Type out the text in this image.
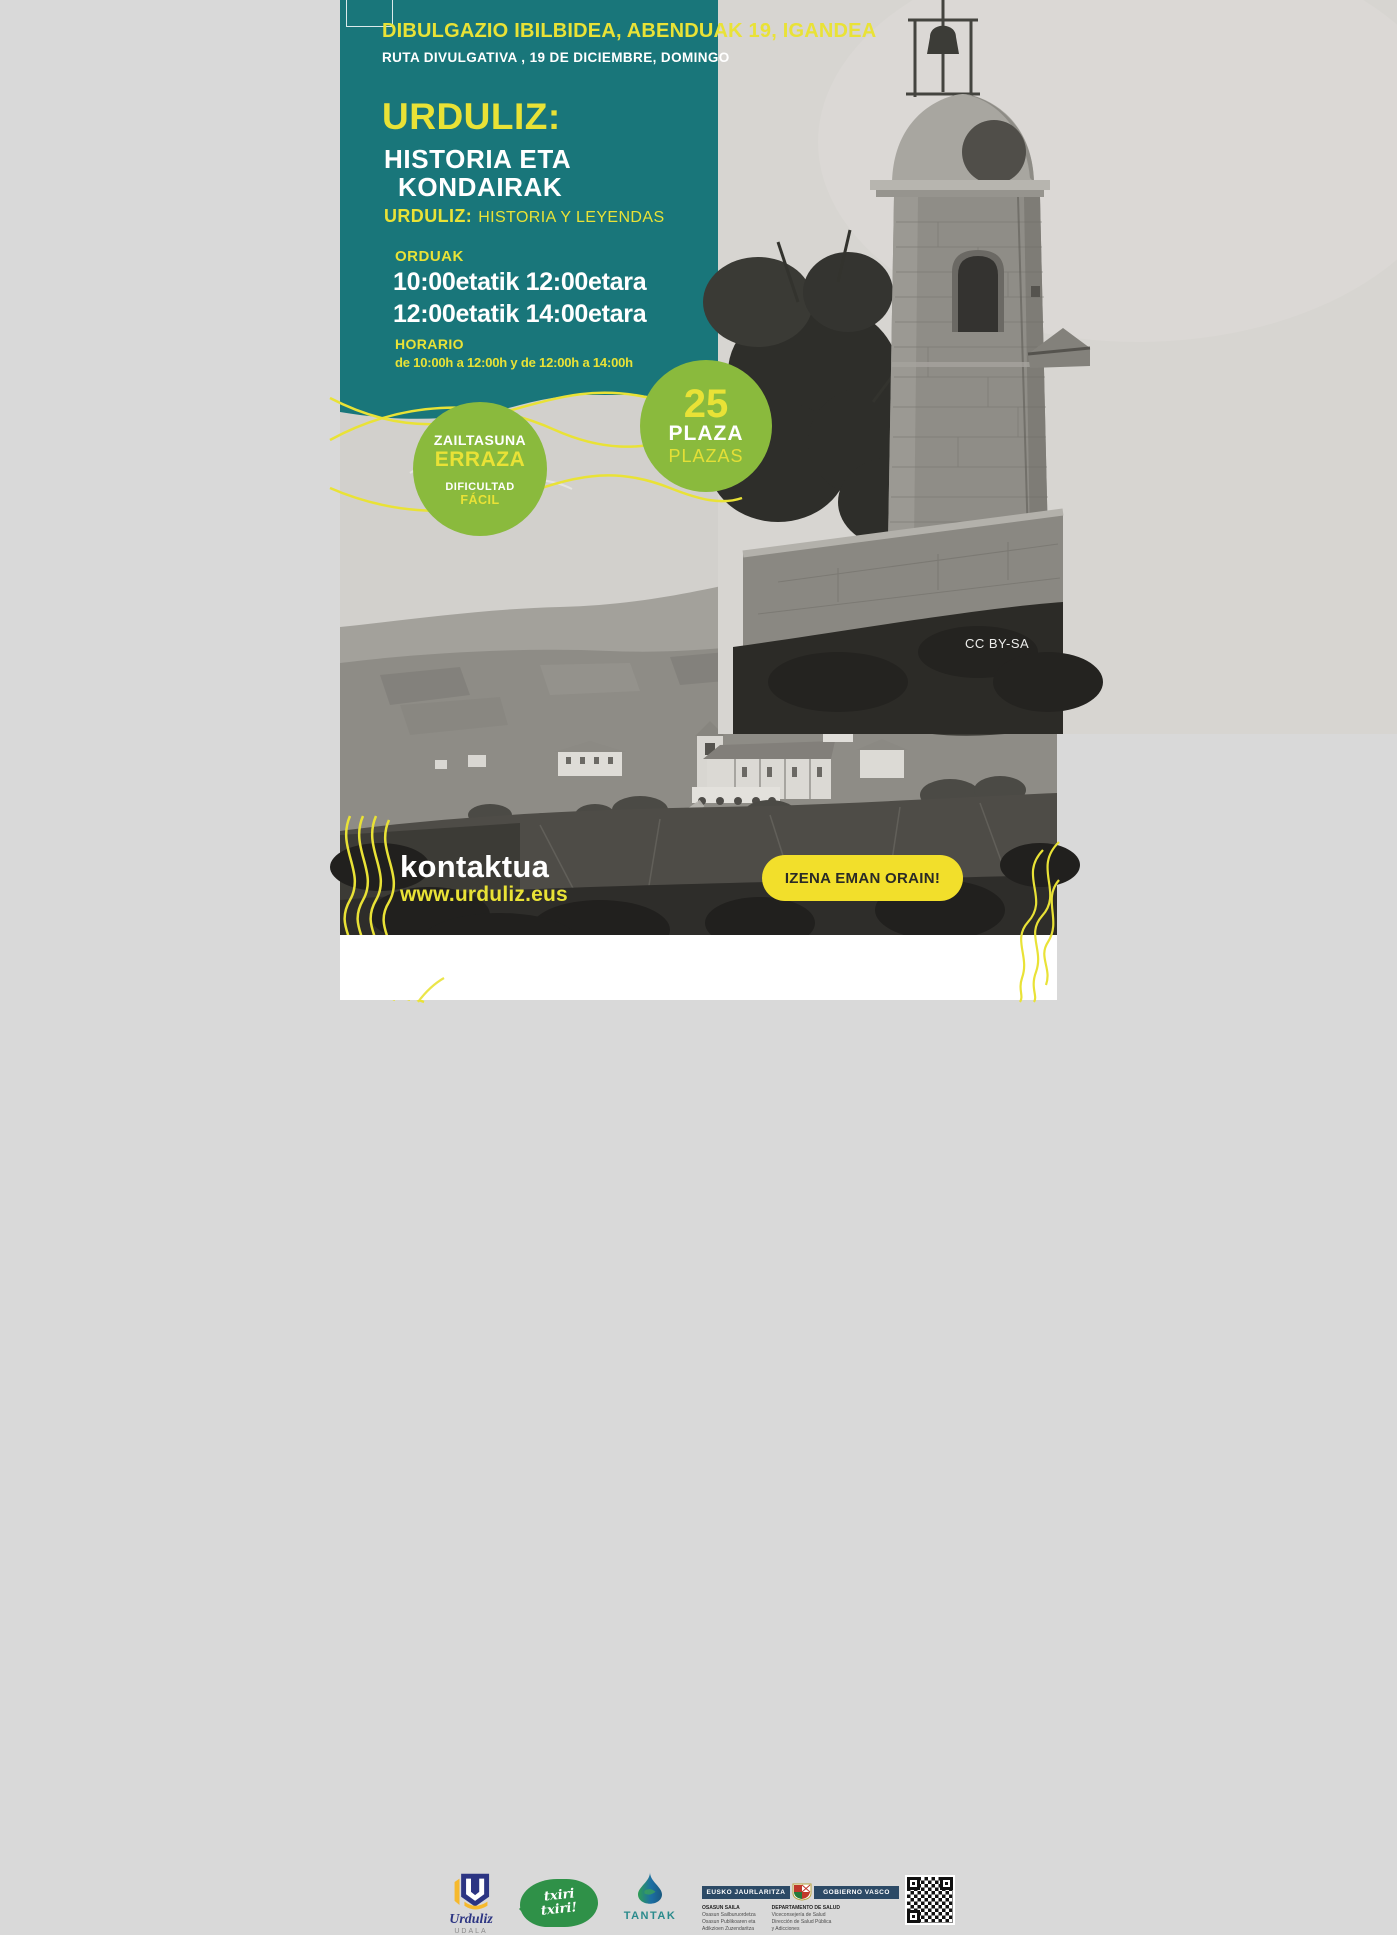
DIBULGAZIO IBILBIDEA, ABENDUAK 19, IGANDEA
RUTA DIVULGATIVA , 19 DE DICIEMBRE, DOMINGO
URDULIZ:
HISTORIA ETA
KONDAIRAK
URDULIZ: HISTORIA Y LEYENDAS
ORDUAK
10:00etatik 12:00etara
12:00etatik 14:00etara
HORARIO
de 10:00h a 12:00h y de 12:00h a 14:00h
ZAILTASUNA
ERRAZA
DIFICULTAD
FÁCIL
25
PLAZA
PLAZAS
CC BY-SA
kontaktua
www.urduliz.eus
IZENA EMAN ORAIN!
Urduliz
UDALA
txiri
txiri!	TANTAK
EUSKO JAURLARITZA	GOBIERNO VASCO
OSASUN SAILA
Osasun Sailburuordetza
Osasun Publikoaren eta
Adikzioen Zuzendaritza
DEPARTAMENTO DE SALUD
Viceconsejería de Salud
Dirección de Salud Pública
y Adicciones
